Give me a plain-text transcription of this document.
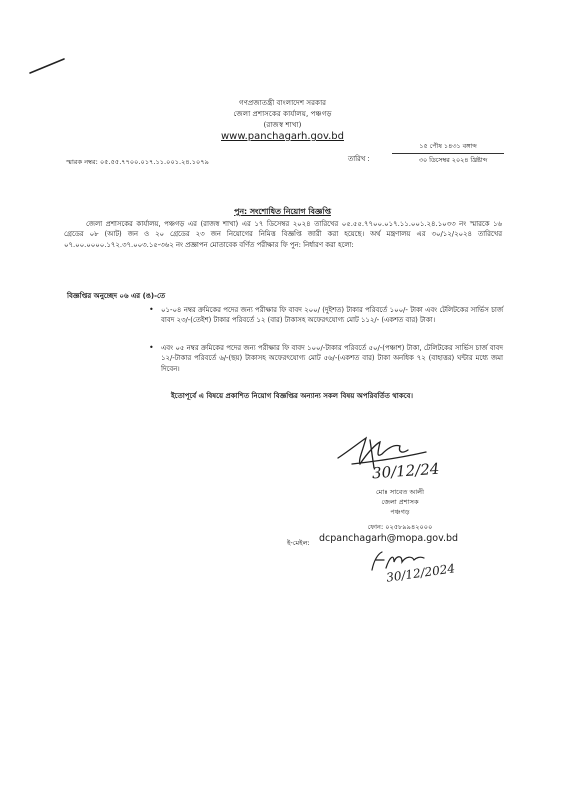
গণপ্রজাতন্ত্রী বাংলাদেশ সরকার
জেলা প্রশাসকের কার্যালয়, পঞ্চগড়
(রাজস্ব শাখা)
www.panchagarh.gov.bd
স্মারক নম্বর: ০৫.৫৫.৭৭০০.০১৭.১১.০০১.২৪.১০৭৯	তারিখ :
১৫ পৌষ ১৪৩১ বঙ্গাব্দ
৩০ ডিসেম্বর ২০২৪ খ্রিষ্টাব্দ
পুন: সংশোধিত নিয়োগ বিজ্ঞপ্তি
জেলা প্রশাসকের কার্যালয়, পঞ্চগড় এর (রাজস্ব শাখা) এর ১৭ ডিসেম্বর ২০২৪ তারিখের ০৫.৫৫.৭৭০০.০১৭.১১.০০১.২৪.১০৩৩ নং স্মারকে ১৬ গ্রেডের ০৮ (আট) জন ও ২০ গ্রেডের ২৩ জন নিয়োগের নিমিত্ত বিজ্ঞপ্তি জারী করা হয়েছে। অর্থ মন্ত্রণালয় এর ৩০/১২/২০২৪ তারিখের ০৭.০০.০০০০.১৭২.৩৭.০০৩.১৫-৩৬২ নং প্রজ্ঞাপন মোতাবেক বর্ণিত পরীক্ষার ফি পুন: নির্ধারণ করা হলো:
বিজ্ঞপ্তির অনুচ্ছেদ ০৬ এর (ঙ)-তে
• ০১-০৪ নম্বর ক্রমিকের পদের জন্য পরীক্ষার ফি বাবদ ২০০/ (দুইশত) টাকার পরিবর্তে ১০০/- টাকা এবং টেলিটকের সার্ভিস চার্জ বাবদ ২৩/-(তেইশ) টাকার পরিবর্তে ১২ (বার) টাকাসহ অফেরৎযোগ্য মোট ১১২/- (একশত বার) টাকা।
• এবং ০৫ নম্বর ক্রমিকের পদের জন্য পরীক্ষার ফি বাবদ ১০০/-টাকার পরিবর্তে ৫০/-(পঞ্চাশ) টাকা, টেলিটকের সার্ভিস চার্জ বাবদ ১২/-টাকার পরিবর্তে ৬/-(ছয়) টাকাসহ অফেরৎযোগ্য মোট ৫৬/-(একশত বার) টাকা অনধিক ৭২ (বাহাত্তর) ঘন্টার মধ্যে জমা দিবেন।
ইতোপূর্বে এ বিষয়ে প্রকাশিত নিয়োগ বিজ্ঞপ্তির অন্যান্য সকল বিষয় অপরিবর্তিত থাকবে।
30/12/24
মোঃ সাবেত আলী
জেলা প্রশাসক
পঞ্চগড়
ফোন: ০২৫৮৯৯৪২০০০
ই-মেইল: dcpanchagarh@mopa.gov.bd
30/12/2024
